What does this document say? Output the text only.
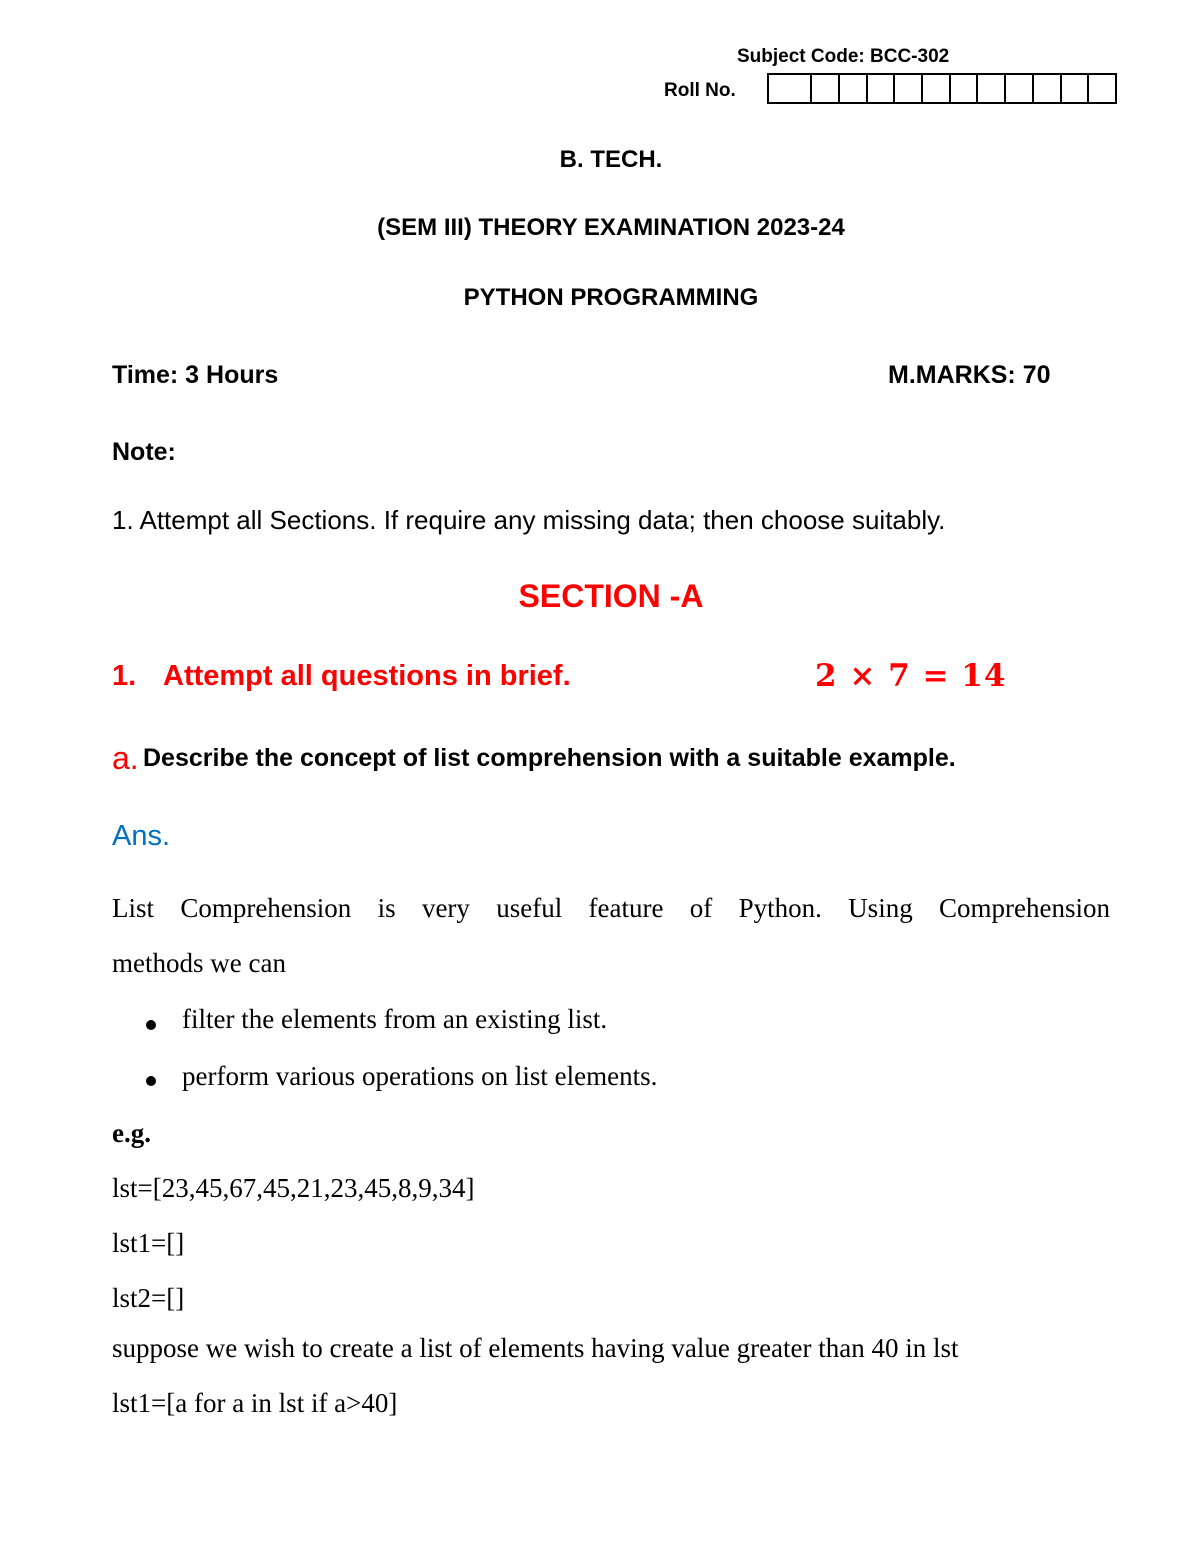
Subject Code: BCC-302
Roll No.
B. TECH.
(SEM III) THEORY EXAMINATION 2023-24
PYTHON PROGRAMMING
Time: 3 Hours	M.MARKS: 70
Note:
1. Attempt all Sections. If require any missing data; then choose suitably.
SECTION -A
1. Attempt all questions in brief.	2 × 7 = 14
a. Describe the concept of list comprehension with a suitable example.
Ans.
List Comprehension is very useful feature of Python. Using Comprehension
methods we can
filter the elements from an existing list.
perform various operations on list elements.
e.g.
lst=[23,45,67,45,21,23,45,8,9,34]
lst1=[]
lst2=[]
suppose we wish to create a list of elements having value greater than 40 in lst
lst1=[a for a in lst if a>40]
